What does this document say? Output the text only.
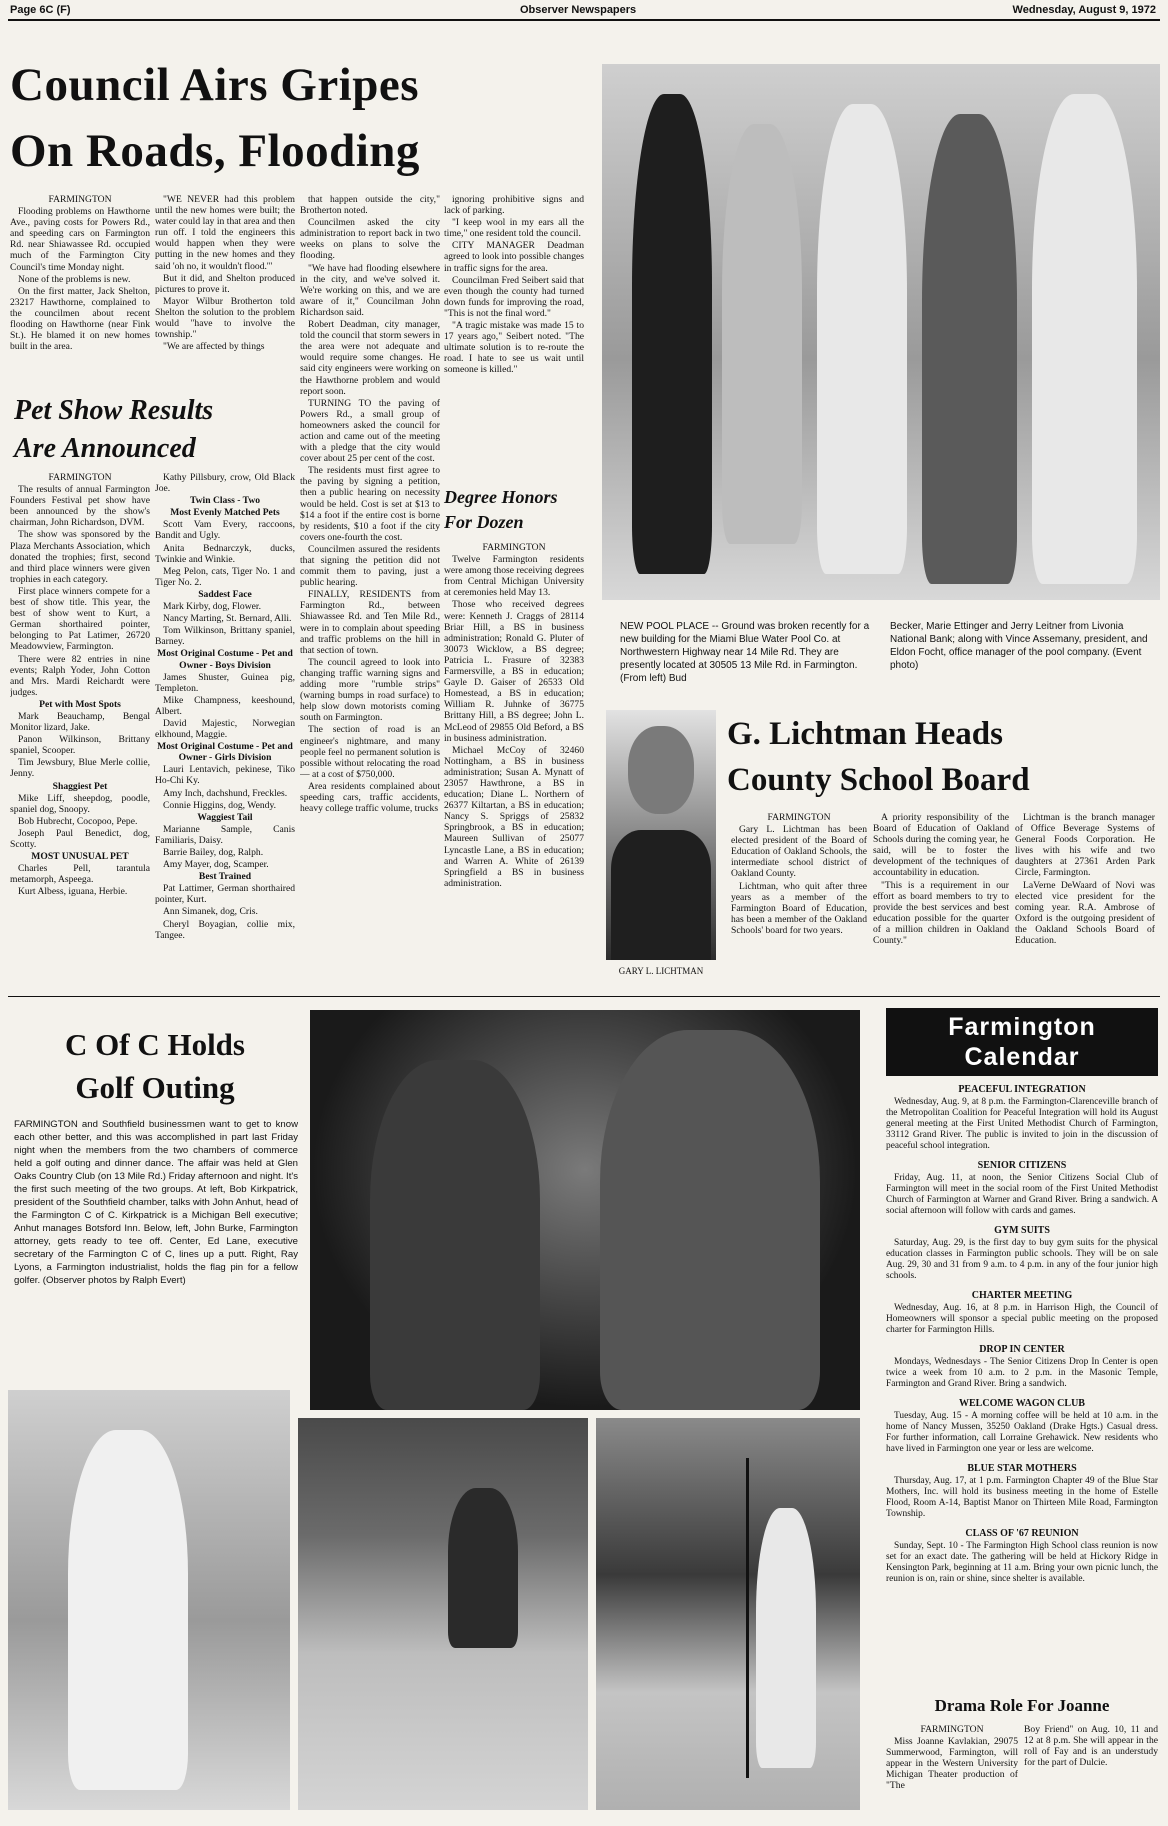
Page 6C (F)	Observer Newspapers	Wednesday, August 9, 1972
Council Airs Gripes
On Roads, Flooding

FARMINGTON

Flooding problems on Hawthorne Ave., paving costs for Powers Rd., and speeding cars on Farmington Rd. near Shiawassee Rd. occupied much of the Farmington City Council's time Monday night.

None of the problems is new.

On the first matter, Jack Shelton, 23217 Hawthorne, complained to the councilmen about recent flooding on Hawthorne (near Fink St.). He blamed it on new homes built in the area.

"WE NEVER had this problem until the new homes were built; the water could lay in that area and then run off. I told the engineers this would happen when they were putting in the new homes and they said 'oh no, it wouldn't flood.'"

But it did, and Shelton produced pictures to prove it.

Mayor Wilbur Brotherton told Shelton the solution to the problem would "have to involve the township."

"We are affected by things

that happen outside the city," Brotherton noted.

Councilmen asked the city administration to report back in two weeks on plans to solve the flooding.

"We have had flooding elsewhere in the city, and we've solved it. We're working on this, and we are aware of it," Councilman John Richardson said.

Robert Deadman, city manager, told the council that storm sewers in the area were not adequate and would require some changes. He said city engineers were working on the Hawthorne problem and would report soon.

TURNING TO the paving of Powers Rd., a small group of homeowners asked the council for action and came out of the meeting with a pledge that the city would cover about 25 per cent of the cost.

The residents must first agree to the paving by signing a petition, then a public hearing on necessity would be held. Cost is set at $13 to $14 a foot if the entire cost is borne by residents, $10 a foot if the city covers one-fourth the cost.

Councilmen assured the residents that signing the petition did not commit them to paving, just a public hearing.

FINALLY, RESIDENTS from Farmington Rd., between Shiawassee Rd. and Ten Mile Rd., were in to complain about speeding and traffic problems on the hill in that section of town.

The council agreed to look into changing traffic warning signs and adding more "rumble strips" (warning bumps in road surface) to help slow down motorists coming south on Farmington.

The section of road is an engineer's nightmare, and many people feel no permanent solution is possible without relocating the road — at a cost of $750,000.

Area residents complained about speeding cars, traffic accidents, heavy college traffic volume, trucks

ignoring prohibitive signs and lack of parking.

"I keep wool in my ears all the time," one resident told the council.

CITY MANAGER Deadman agreed to look into possible changes in traffic signs for the area.

Councilman Fred Seibert said that even though the county had turned down funds for improving the road, "This is not the final word."

"A tragic mistake was made 15 to 17 years ago," Seibert noted. "The ultimate solution is to re-route the road. I hate to see us wait until someone is killed."

Degree Honors
For Dozen

FARMINGTON

Twelve Farmington residents were among those receiving degrees from Central Michigan University at ceremonies held May 13.

Those who received degrees were: Kenneth J. Craggs of 28114 Briar Hill, a BS in business administration; Ronald G. Pluter of 30073 Wicklow, a BS degree; Patricia L. Frasure of 32383 Farmersville, a BS in education; Gayle D. Gaiser of 26533 Old Homestead, a BS in education; William R. Juhnke of 36775 Brittany Hill, a BS degree; John L. McLeod of 29855 Old Beford, a BS in business administration.

Michael McCoy of 32460 Nottingham, a BS in business administration; Susan A. Mynatt of 23057 Hawthrone, a BS in education; Diane L. Northern of 26377 Kiltartan, a BS in education; Nancy S. Spriggs of 25832 Springbrook, a BS in education; Maureen Sullivan of 25077 Lyncastle Lane, a BS in education; and Warren A. White of 26139 Springfield a BS in business administration.

Pet Show Results
Are Announced

FARMINGTON

The results of annual Farmington Founders Festival pet show have been announced by the show's chairman, John Richardson, DVM.

The show was sponsored by the Plaza Merchants Association, which donated the trophies; first, second and third place winners were given trophies in each category.

First place winners compete for a best of show title. This year, the best of show went to Kurt, a German shorthaired pointer, belonging to Pat Latimer, 26720 Meadowview, Farmington.

There were 82 entries in nine events; Ralph Yoder, John Cotton and Mrs. Mardi Reichardt were judges.

Pet with Most Spots

Mark Beauchamp, Bengal Monitor lizard, Jake.

Panon Wilkinson, Brittany spaniel, Scooper.

Tim Jewsbury, Blue Merle collie, Jenny.

Shaggiest Pet

Mike Liff, sheepdog, poodle, spaniel dog, Snoopy.

Bob Hubrecht, Cocopoo, Pepe.

Joseph Paul Benedict, dog, Scotty.

MOST UNUSUAL PET

Charles Pell, tarantula metamorph, Aspeega.

Kurt Albess, iguana, Herbie.

Kathy Pillsbury, crow, Old Black Joe.

Twin Class - Two

Most Evenly Matched Pets

Scott Vam Every, raccoons, Bandit and Ugly.

Anita Bednarczyk, ducks, Twinkie and Winkie.

Meg Pelon, cats, Tiger No. 1 and Tiger No. 2.

Saddest Face

Mark Kirby, dog, Flower.

Nancy Marting, St. Bernard, Alli.

Tom Wilkinson, Brittany spaniel, Barney.

Most Original Costume - Pet and Owner - Boys Division

James Shuster, Guinea pig, Templeton.

Mike Champness, keeshound, Albert.

David Majestic, Norwegian elkhound, Maggie.

Most Original Costume - Pet and Owner - Girls Division

Lauri Lentavich, pekinese, Tiko Ho-Chi Ky.

Amy Inch, dachshund, Freckles.

Connie Higgins, dog, Wendy.

Waggiest Tail

Marianne Sample, Canis Familiaris, Daisy.

Barrie Bailey, dog, Ralph.

Amy Mayer, dog, Scamper.

Best Trained

Pat Lattimer, German shorthaired pointer, Kurt.

Ann Simanek, dog, Cris.

Cheryl Boyagian, collie mix, Tangee.

NEW POOL PLACE -- Ground was broken recently for a new building for the Miami Blue Water Pool Co. at Northwestern Highway near 14 Mile Rd. They are presently located at 30505 13 Mile Rd. in Farmington. (From left) Bud
Becker, Marie Ettinger and Jerry Leitner from Livonia National Bank; along with Vince Assemany, president, and Eldon Focht, office manager of the pool company. (Event photo)
GARY L. LICHTMAN
G. Lichtman Heads
County School Board

FARMINGTON

Gary L. Lichtman has been elected president of the Board of Education of Oakland Schools, the intermediate school district of Oakland County.

Lichtman, who quit after three years as a member of the Farmington Board of Education, has been a member of the Oakland Schools' board for two years.

A priority responsibility of the Board of Education of Oakland Schools during the coming year, he said, will be to foster the development of the techniques of accountability in education.

"This is a requirement in our effort as board members to try to provide the best services and best education possible for the quarter of a million children in Oakland County."

Lichtman is the branch manager of Office Beverage Systems of General Foods Corporation. He lives with his wife and two daughters at 27361 Arden Park Circle, Farmington.

LaVerne DeWaard of Novi was elected vice president for the coming year. R.A. Ambrose of Oxford is the outgoing president of the Oakland Schools Board of Education.

C Of C Holds
Golf Outing
FARMINGTON and Southfield businessmen want to get to know each other better, and this was accomplished in part last Friday night when the members from the two chambers of commerce held a golf outing and dinner dance. The affair was held at Glen Oaks Country Club (on 13 Mile Rd.) Friday afternoon and night. It's the first such meeting of the two groups. At left, Bob Kirkpatrick, president of the Southfield chamber, talks with John Anhut, head of the Farmington C of C. Kirkpatrick is a Michigan Bell executive; Anhut manages Botsford Inn. Below, left, John Burke, Farmington attorney, gets ready to tee off. Center, Ed Lane, executive secretary of the Farmington C of C, lines up a putt. Right, Ray Lyons, a Farmington industrialist, holds the flag pin for a fellow golfer. (Observer photos by Ralph Evert)
Farmington
Calendar
PEACEFUL INTEGRATION

Wednesday, Aug. 9, at 8 p.m. the Farmington-Clarenceville branch of the Metropolitan Coalition for Peaceful Integration will hold its August general meeting at the First United Methodist Church of Farmington, 33112 Grand River. The public is invited to join in the discussion of peaceful school integration.

SENIOR CITIZENS

Friday, Aug. 11, at noon, the Senior Citizens Social Club of Farmington will meet in the social room of the First United Methodist Church of Farmington at Warner and Grand River. Bring a sandwich. A social afternoon will follow with cards and games.

GYM SUITS

Saturday, Aug. 29, is the first day to buy gym suits for the physical education classes in Farmington public schools. They will be on sale Aug. 29, 30 and 31 from 9 a.m. to 4 p.m. in any of the four junior high schools.

CHARTER MEETING

Wednesday, Aug. 16, at 8 p.m. in Harrison High, the Council of Homeowners will sponsor a special public meeting on the proposed charter for Farmington Hills.

DROP IN CENTER

Mondays, Wednesdays - The Senior Citizens Drop In Center is open twice a week from 10 a.m. to 2 p.m. in the Masonic Temple, Farmington and Grand River. Bring a sandwich.

WELCOME WAGON CLUB

Tuesday, Aug. 15 - A morning coffee will be held at 10 a.m. in the home of Nancy Mussen, 35250 Oakland (Drake Hgts.) Casual dress. For further information, call Lorraine Grehawick. New residents who have lived in Farmington one year or less are welcome.

BLUE STAR MOTHERS

Thursday, Aug. 17, at 1 p.m. Farmington Chapter 49 of the Blue Star Mothers, Inc. will hold its business meeting in the home of Estelle Flood, Room A-14, Baptist Manor on Thirteen Mile Road, Farmington Township.

CLASS OF '67 REUNION

Sunday, Sept. 10 - The Farmington High School class reunion is now set for an exact date. The gathering will be held at Hickory Ridge in Kensington Park, beginning at 11 a.m. Bring your own picnic lunch, the reunion is on, rain or shine, since shelter is available.

Drama Role For Joanne

FARMINGTON

Miss Joanne Kavlakian, 29075 Summerwood, Farmington, will appear in the Western University Michigan Theater production of "The

Boy Friend" on Aug. 10, 11 and 12 at 8 p.m. She will appear in the roll of Fay and is an understudy for the part of Dulcie.
